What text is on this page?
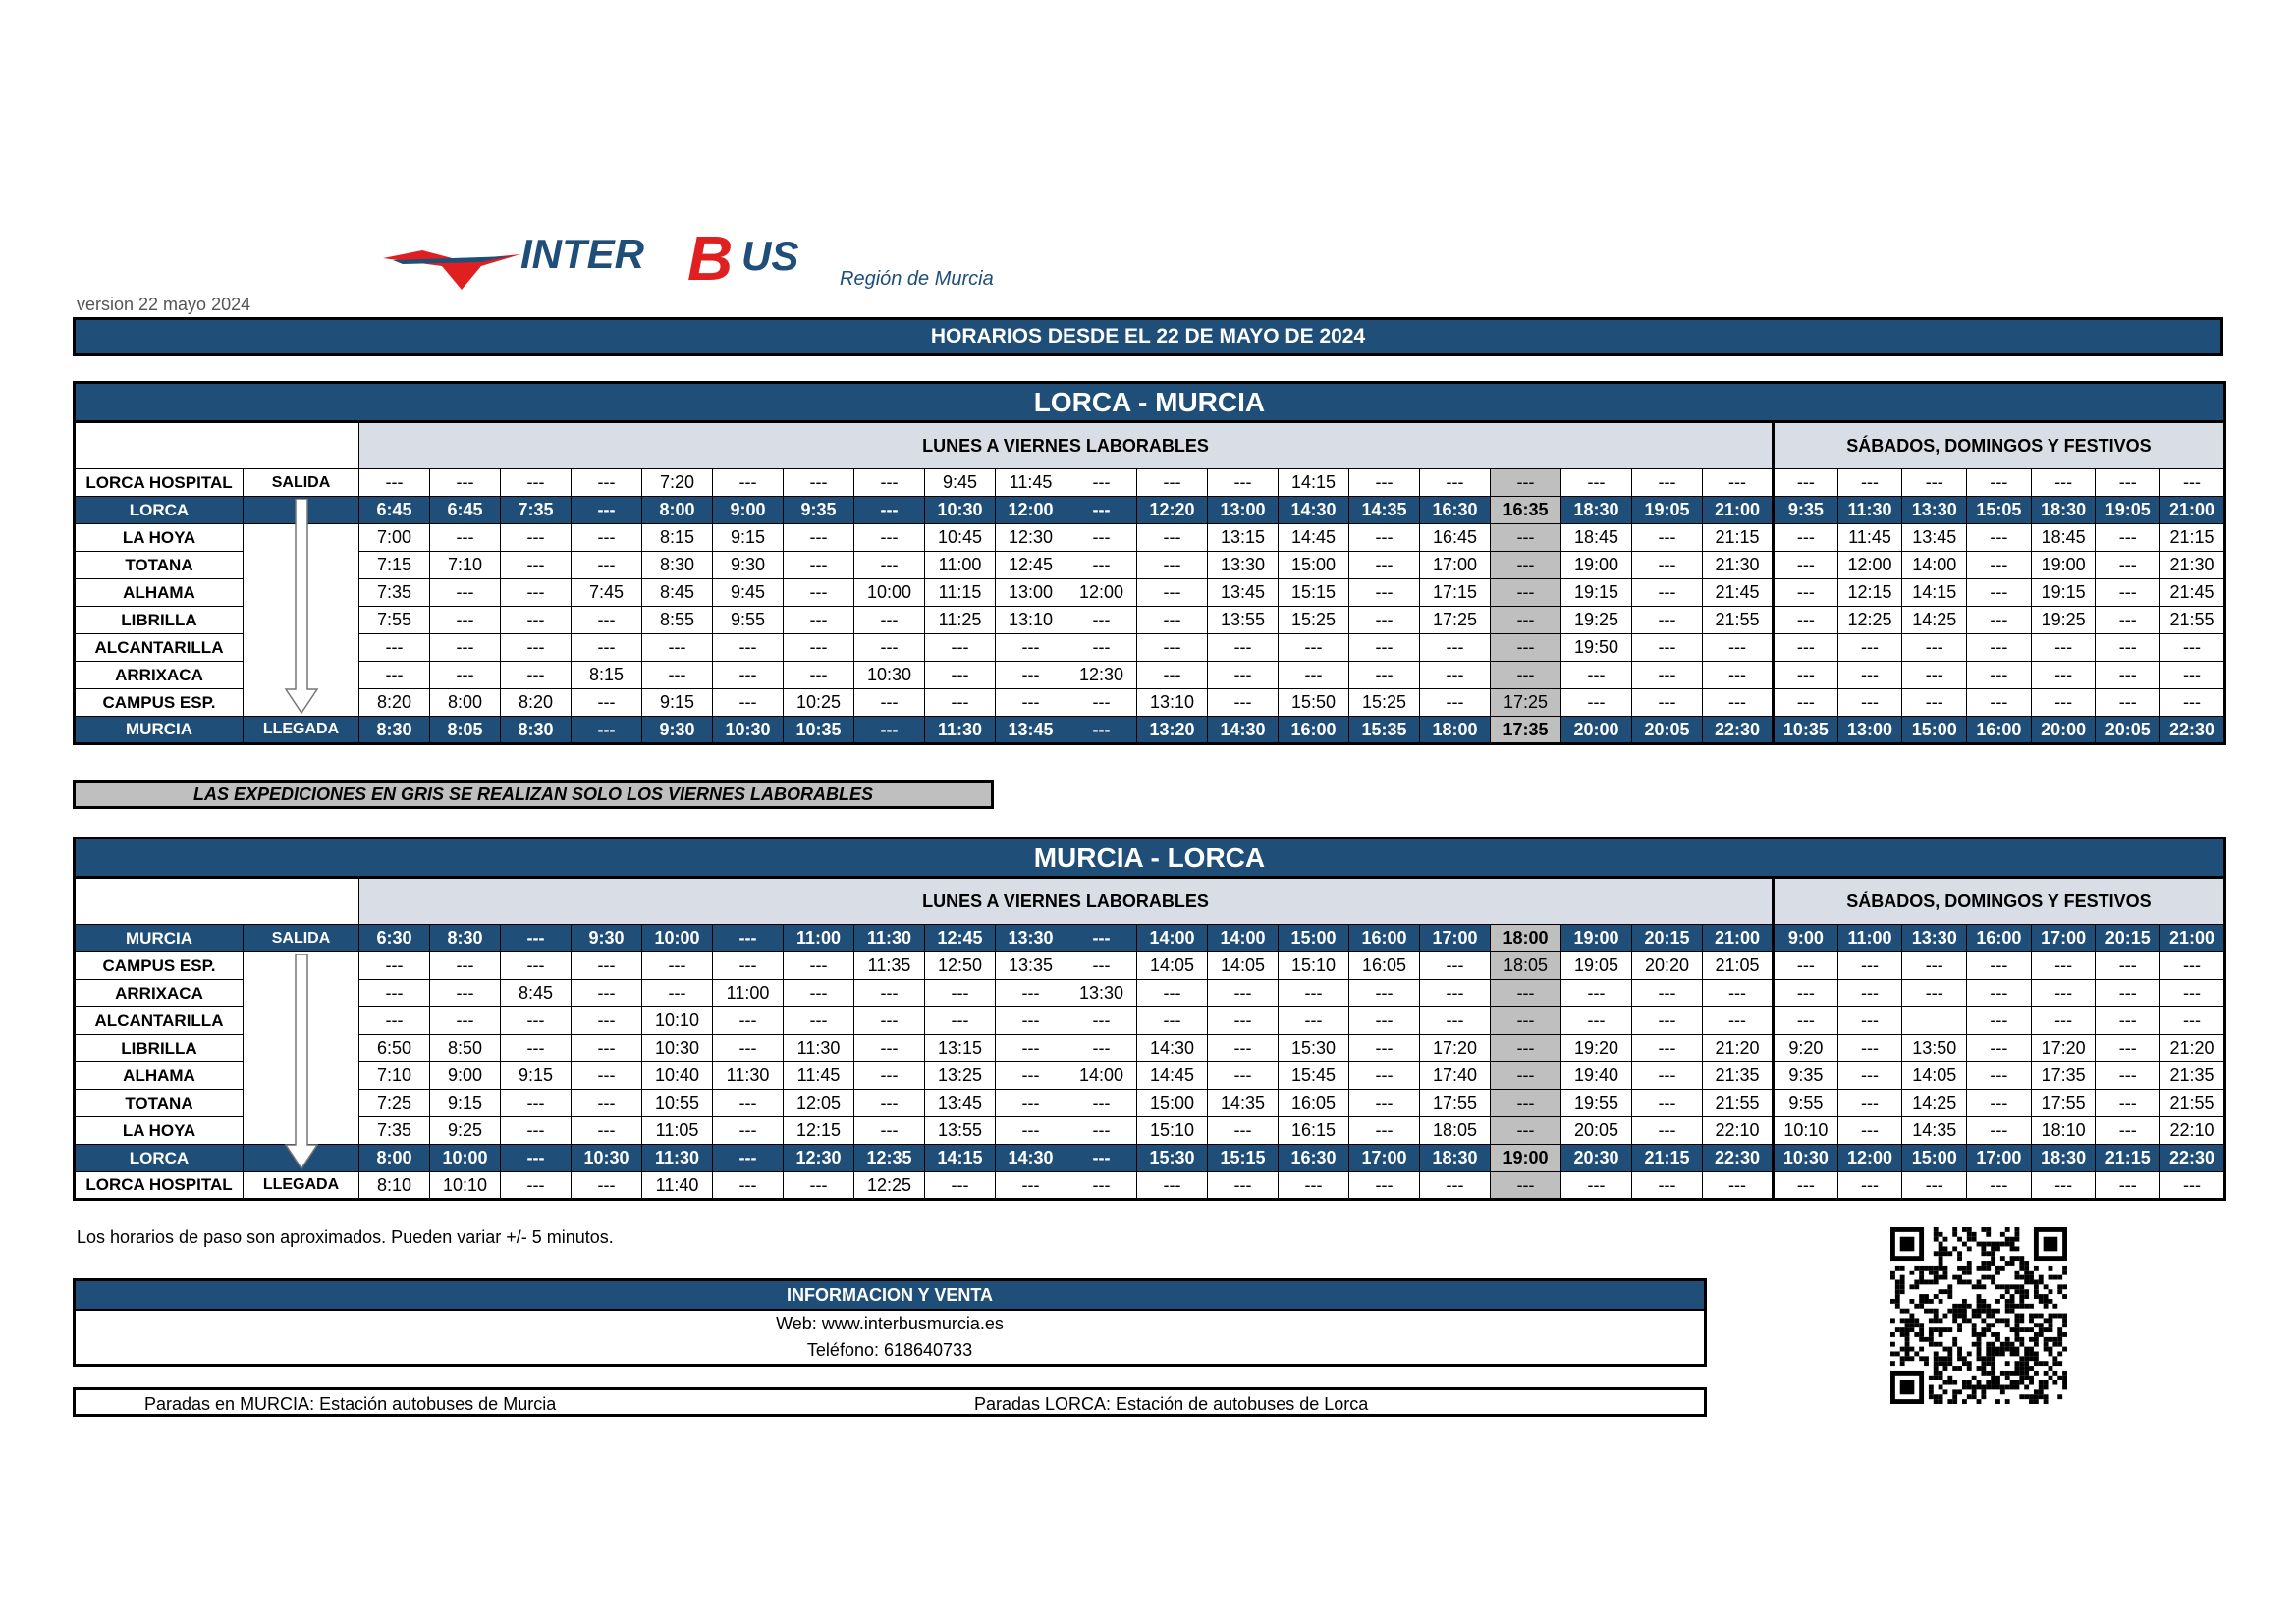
INTER B US Región de Murcia
version 22 mayo 2024
HORARIOS DESDE EL 22 DE MAYO DE 2024
LORCA - MURCIA																												
		LUNES A VIERNES LABORABLES																				SÁBADOS, DOMINGOS Y FESTIVOS						
LORCA HOSPITAL	SALIDA	---	---	---	---	7:20	---	---	---	9:45	11:45	---	---	---	14:15	---	---	---	---	---	---	---	---	---	---	---	---	---
LORCA		6:45	6:45	7:35	---	8:00	9:00	9:35	---	10:30	12:00	---	12:20	13:00	14:30	14:35	16:30	16:35	18:30	19:05	21:00	9:35	11:30	13:30	15:05	18:30	19:05	21:00
LA HOYA		7:00	---	---	---	8:15	9:15	---	---	10:45	12:30	---	---	13:15	14:45	---	16:45	---	18:45	---	21:15	---	11:45	13:45	---	18:45	---	21:15
TOTANA		7:15	7:10	---	---	8:30	9:30	---	---	11:00	12:45	---	---	13:30	15:00	---	17:00	---	19:00	---	21:30	---	12:00	14:00	---	19:00	---	21:30
ALHAMA		7:35	---	---	7:45	8:45	9:45	---	10:00	11:15	13:00	12:00	---	13:45	15:15	---	17:15	---	19:15	---	21:45	---	12:15	14:15	---	19:15	---	21:45
LIBRILLA		7:55	---	---	---	8:55	9:55	---	---	11:25	13:10	---	---	13:55	15:25	---	17:25	---	19:25	---	21:55	---	12:25	14:25	---	19:25	---	21:55
ALCANTARILLA		---	---	---	---	---	---	---	---	---	---	---	---	---	---	---	---	---	19:50	---	---	---	---	---	---	---	---	---
ARRIXACA		---	---	---	8:15	---	---	---	10:30	---	---	12:30	---	---	---	---	---	---	---	---	---	---	---	---	---	---	---	---
CAMPUS ESP.		8:20	8:00	8:20	---	9:15	---	10:25	---	---	---	---	13:10	---	15:50	15:25	---	17:25	---	---	---	---	---	---	---	---	---	---
MURCIA	LLEGADA	8:30	8:05	8:30	---	9:30	10:30	10:35	---	11:30	13:45	---	13:20	14:30	16:00	15:35	18:00	17:35	20:00	20:05	22:30	10:35	13:00	15:00	16:00	20:00	20:05	22:30
LAS EXPEDICIONES EN GRIS SE REALIZAN SOLO LOS VIERNES LABORABLES
MURCIA - LORCA																												
		LUNES A VIERNES LABORABLES																				SÁBADOS, DOMINGOS Y FESTIVOS						
MURCIA	SALIDA	6:30	8:30	---	9:30	10:00	---	11:00	11:30	12:45	13:30	---	14:00	14:00	15:00	16:00	17:00	18:00	19:00	20:15	21:00	9:00	11:00	13:30	16:00	17:00	20:15	21:00
CAMPUS ESP.		---	---	---	---	---	---	---	11:35	12:50	13:35	---	14:05	14:05	15:10	16:05	---	18:05	19:05	20:20	21:05	---	---	---	---	---	---	---
ARRIXACA		---	---	8:45	---	---	11:00	---	---	---	---	13:30	---	---	---	---	---	---	---	---	---	---	---	---	---	---	---	---
ALCANTARILLA		---	---	---	---	10:10	---	---	---	---	---	---	---	---	---	---	---	---	---	---	---	---	---		---	---	---	---
LIBRILLA		6:50	8:50	---	---	10:30	---	11:30	---	13:15	---	---	14:30	---	15:30	---	17:20	---	19:20	---	21:20	9:20	---	13:50	---	17:20	---	21:20
ALHAMA		7:10	9:00	9:15	---	10:40	11:30	11:45	---	13:25	---	14:00	14:45	---	15:45	---	17:40	---	19:40	---	21:35	9:35	---	14:05	---	17:35	---	21:35
TOTANA		7:25	9:15	---	---	10:55	---	12:05	---	13:45	---	---	15:00	14:35	16:05	---	17:55	---	19:55	---	21:55	9:55	---	14:25	---	17:55	---	21:55
LA HOYA		7:35	9:25	---	---	11:05	---	12:15	---	13:55	---	---	15:10	---	16:15	---	18:05	---	20:05	---	22:10	10:10	---	14:35	---	18:10	---	22:10
LORCA		8:00	10:00	---	10:30	11:30	---	12:30	12:35	14:15	14:30	---	15:30	15:15	16:30	17:00	18:30	19:00	20:30	21:15	22:30	10:30	12:00	15:00	17:00	18:30	21:15	22:30
LORCA HOSPITAL	LLEGADA	8:10	10:10	---	---	11:40	---	---	12:25	---	---	---	---	---	---	---	---	---	---	---	---	---	---	---	---	---	---	---
Los horarios de paso son aproximados. Pueden variar +/- 5 minutos.
INFORMACION Y VENTA
Web: www.interbusmurcia.es
Teléfono: 618640733
Paradas en MURCIA: Estación autobuses de Murcia	Paradas LORCA: Estación de autobuses de Lorca
